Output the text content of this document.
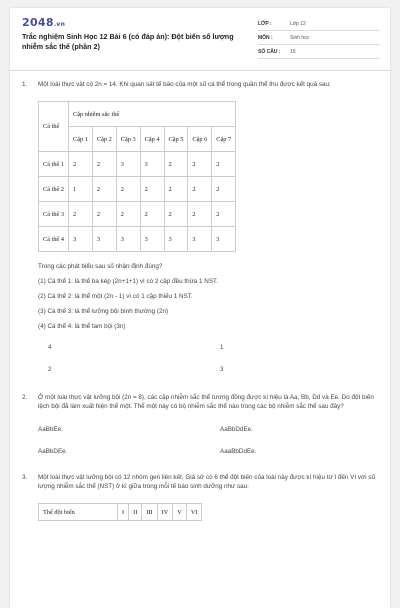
2048.vn
Trắc nghiệm Sinh Học 12 Bài 6 (có đáp án): Đột biến số lượng nhiễm sắc thể (phần 2)
LỚP :	Lớp 12
MÔN :	Sinh học
SỐ CÂU :	15
1. Một loài thực vật có 2n = 14. Khi quan sát tế bào của một số cá thể trong quần thể thu được kết quả sau:

Cá thể	Cặp nhiễm sắc thể						
	Cặp 1	Cặp 2	Cặp 3	Cặp 4	Cặp 5	Cặp 6	Cặp 7
Cá thể 1	2	2	3	3	2	2	2
Cá thể 2	1	2	2	2	2	2	2
Cá thể 3	2	2	2	2	2	2	2
Cá thể 4	3	3	3	3	3	3	3

Trong các phát biểu sau số nhận định đúng?

(1) Cá thể 1: là thể ba kép (2n+1+1) vì có 2 cặp đều thừa 1 NST.

(2) Cá thể 2: là thể một (2n - 1) vì có 1 cặp thiếu 1 NST.

(3) Cá thể 3: là thể lưỡng bội bình thường (2n)

(4) Cá thể 4: là thể tam bội (3n)

4	1
2	3
2. Ở một loài thực vật lưỡng bội (2n = 8), các cặp nhiễm sắc thể tương đồng được kí hiệu là Aa, Bb, Dd và Ee. Do đột biến lệch bội đã làm xuất hiện thể một. Thể một này có bộ nhiễm sắc thể nào trong các bộ nhiễm sắc thể sau đây?

AaBbEe.	AaBbDdEe.
AaBbDEe.	AaaBbDdEe.
3. Một loài thực vật lưỡng bội có 12 nhóm gen liên kết. Giả sử có 6 thể đột biến của loài này được kí hiệu từ I đến VI với số lượng nhiễm sắc thể (NST) ở kì giữa trong mỗi tế bào sinh dưỡng như sau:

Thể đột biến	I	II	III	IV	V	VI
